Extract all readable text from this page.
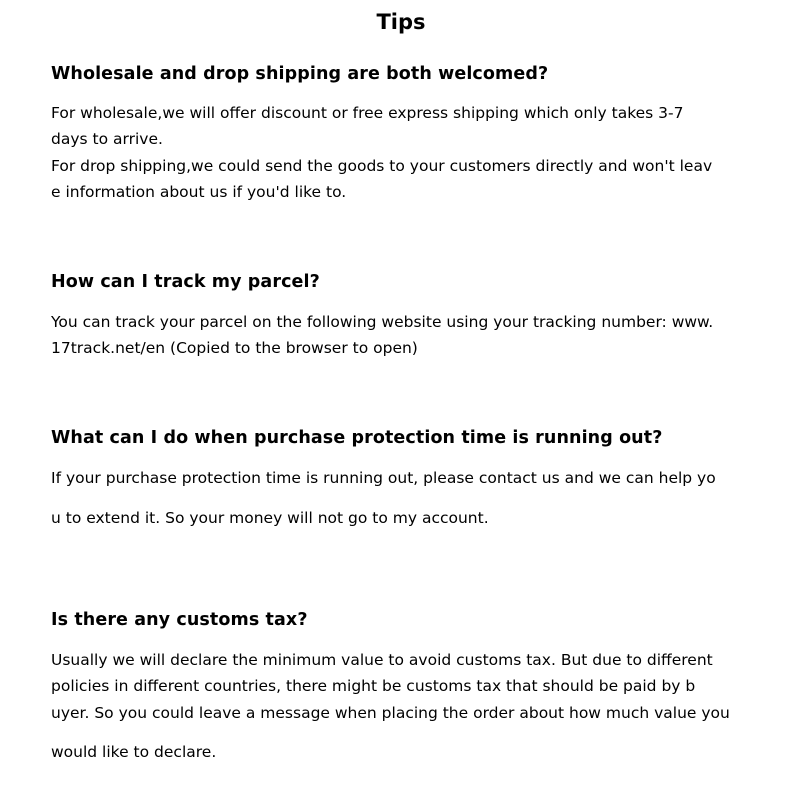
Tips
Wholesale and drop shipping are both welcomed?

For wholesale,we will offer discount or free express shipping which only takes 3-7

days to arrive.

For drop shipping,we could send the goods to your customers directly and won't leav

e information about us if you'd like to.

How can I track my parcel?

You can track your parcel on the following website using your tracking number: www.

17track.net/en (Copied to the browser to open)

What can I do when purchase protection time is running out?

If your purchase protection time is running out, please contact us and we can help yo

u to extend it. So your money will not go to my account.

Is there any customs tax?

Usually we will declare the minimum value to avoid customs tax. But due to different

policies in different countries, there might be customs tax that should be paid by b

uyer. So you could leave a message when placing the order about how much value you

would like to declare.
